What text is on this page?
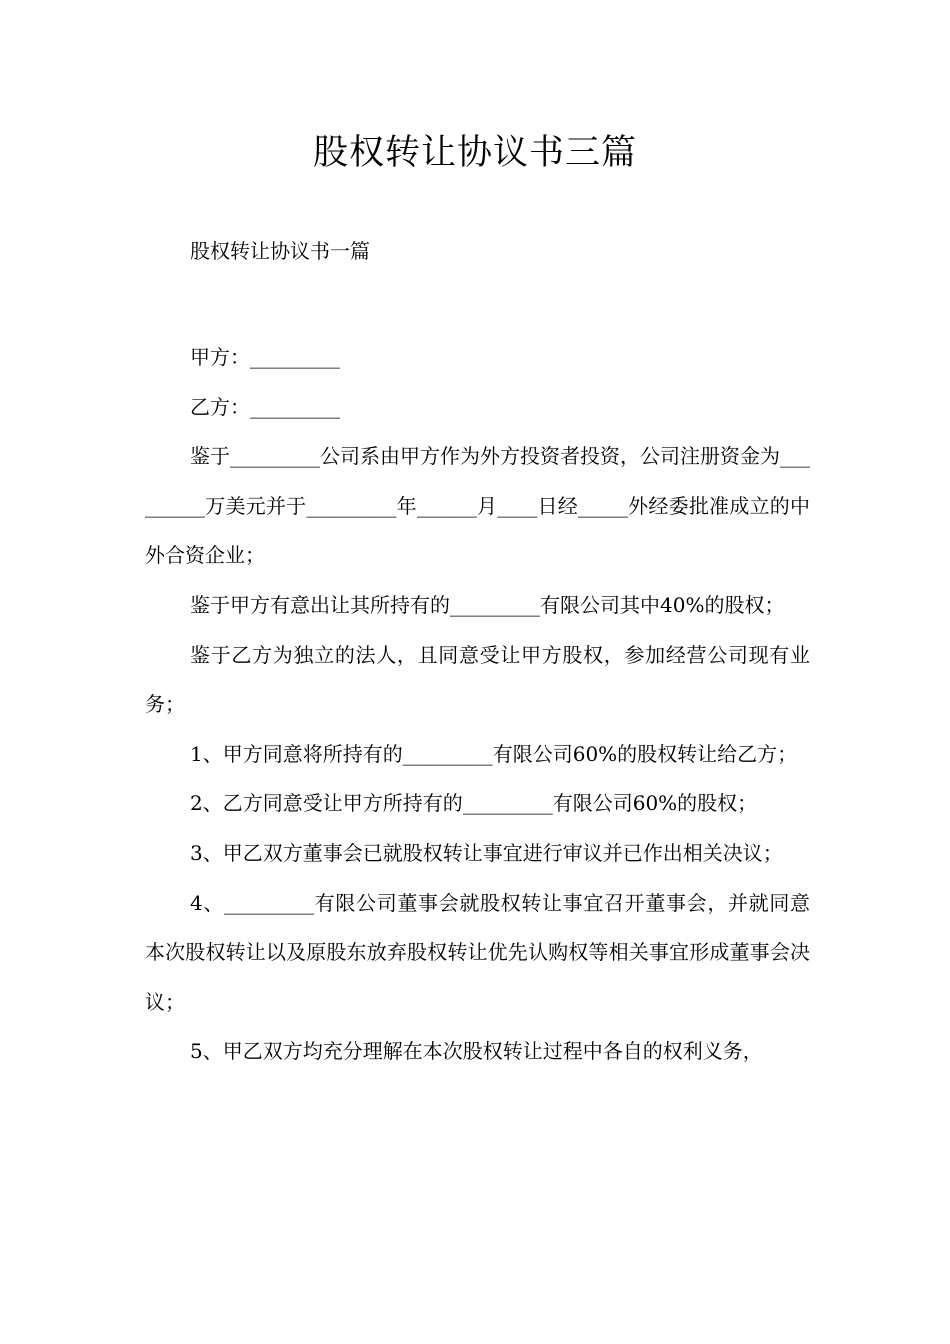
股权转让协议书三篇

股权转让协议书一篇

甲方：_________

乙方：_________

鉴于_________公司系由甲方作为外方投资者投资，公司注册资金为_________万美元并于_________年______月____日经_____外经委批准成立的中外合资企业；

鉴于甲方有意出让其所持有的_________有限公司其中40%的股权；

鉴于乙方为独立的法人，且同意受让甲方股权，参加经营公司现有业务；

1、甲方同意将所持有的_________有限公司60%的股权转让给乙方；

2、乙方同意受让甲方所持有的_________有限公司60%的股权；

3、甲乙双方董事会已就股权转让事宜进行审议并已作出相关决议；

4、_________有限公司董事会就股权转让事宜召开董事会，并就同意本次股权转让以及原股东放弃股权转让优先认购权等相关事宜形成董事会决议；

5、甲乙双方均充分理解在本次股权转让过程中各自的权利义务，
